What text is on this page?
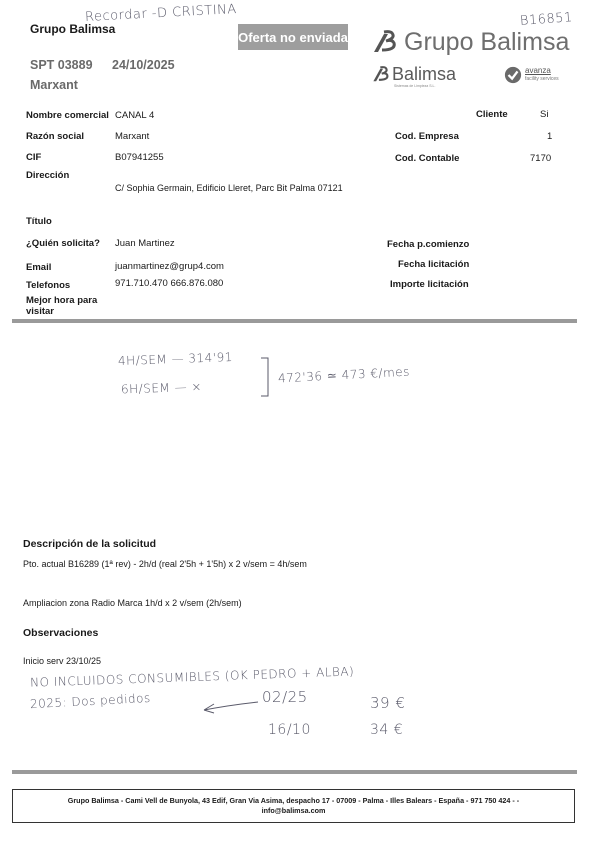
Grupo Balimsa
Recordar -D CRISTINA
Oferta no enviada
B16851
SPT 03889 24/10/2025
Marxant
Grupo Balimsa
Balimsa
Sistemas de Limpieza S.L.
avanza
facility services
Nombre comercial CANAL 4	Cliente	Si
Razón social	Marxant	Cod. Empresa	1
CIF	B07941255	Cod. Contable	7170
Dirección
C/ Sophia Germain, Edificio Lleret, Parc Bit Palma 07121
Título
¿Quién solicita? Juan Martinez	Fecha p.comienzo
Email	juanmartinez@grup4.com	Fecha licitación
Telefonos	971.710.470 666.876.080	Importe licitación
Mejor hora para
visitar
4H/SEM — 314'91
6H/SEM — ×
472'36 ≃ 473 €/mes
Descripción de la solicitud
Pto. actual B16289 (1ª rev) - 2h/d (real 2'5h + 1'5h) x 2 v/sem = 4h/sem
Ampliacion zona Radio Marca 1h/d x 2 v/sem (2h/sem)
Observaciones
Inicio serv 23/10/25
NO INCLUIDOS CONSUMIBLES (OK PEDRO + ALBA)
2025: Dos pedidos	02/25	39 €
16/10	34 €
Grupo Balimsa - Cami Vell de Bunyola, 43 Edif, Gran Via Asima, despacho 17 - 07009 - Palma - Illes Balears - España - 971 750 424 - -
info@balimsa.com
